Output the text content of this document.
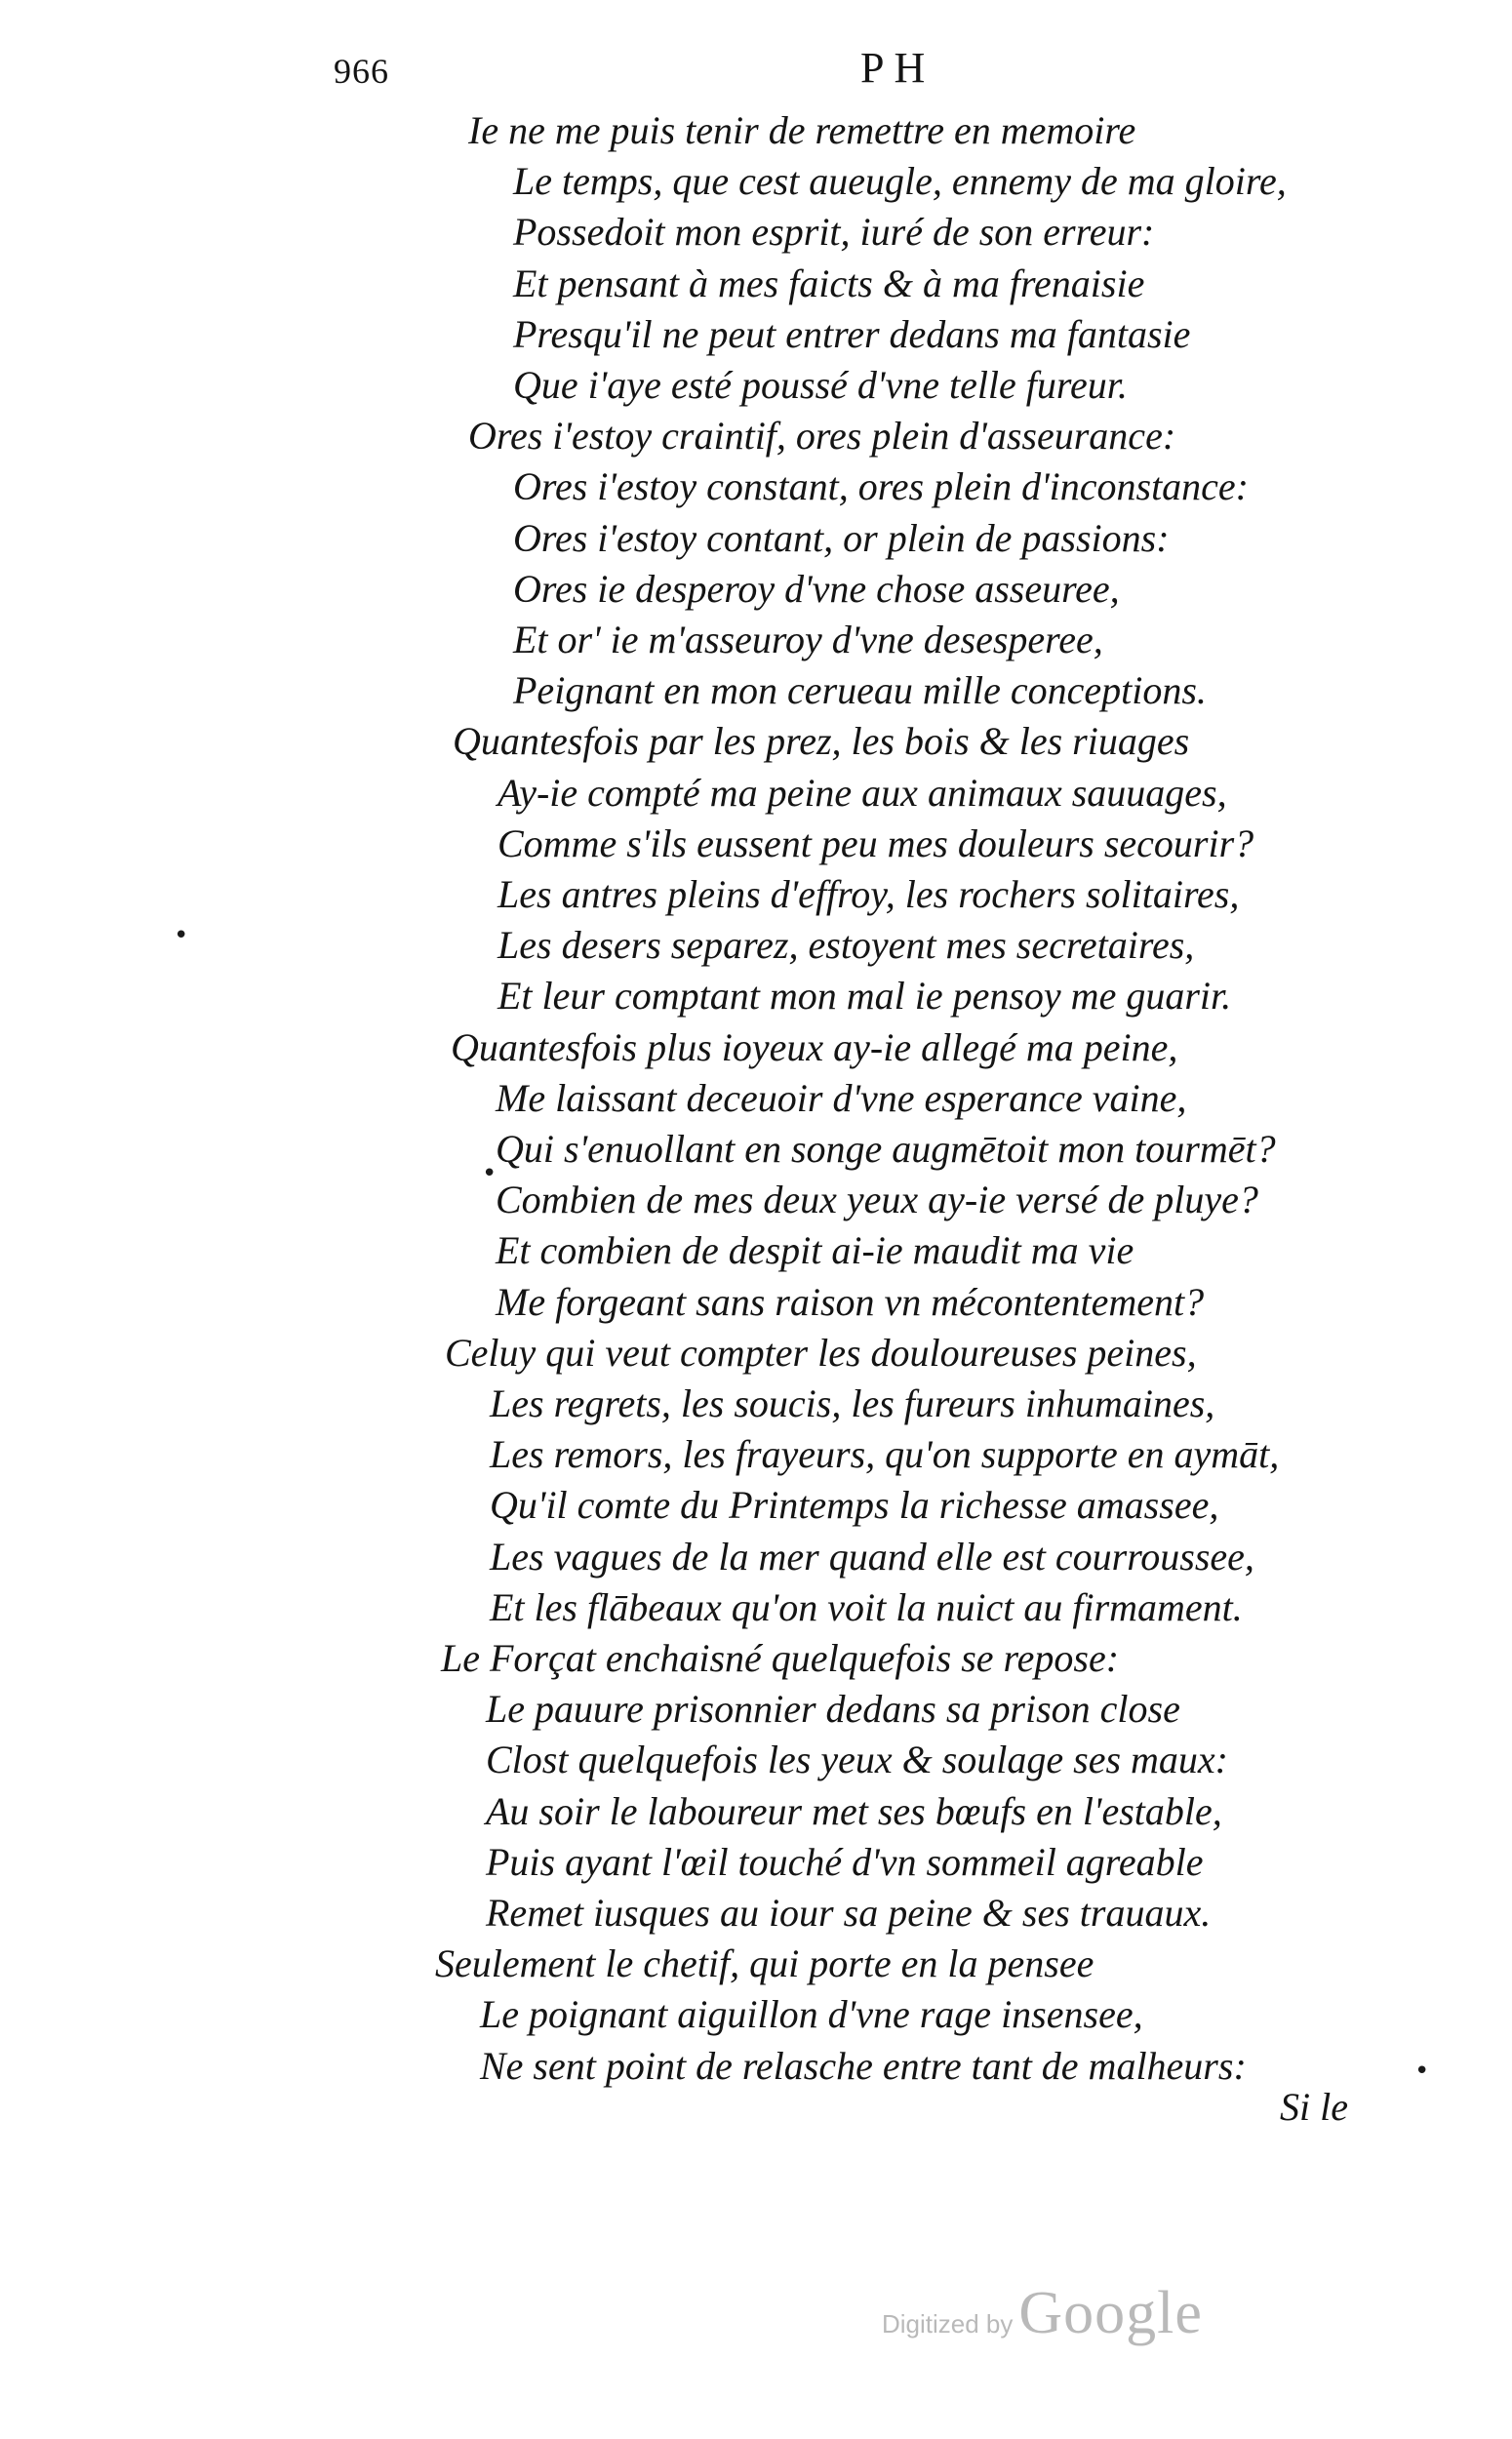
966	PH
Ie ne me puis tenir de remettre en memoire
Le temps, que cest aueugle, ennemy de ma gloire,
Possedoit mon esprit, iuré de son erreur:
Et pensant à mes faicts & à ma frenaisie
Presqu'il ne peut entrer dedans ma fantasie
Que i'aye esté poussé d'vne telle fureur.
Ores i'estoy craintif, ores plein d'asseurance:
Ores i'estoy constant, ores plein d'inconstance:
Ores i'estoy contant, or plein de passions:
Ores ie desperoy d'vne chose asseuree,
Et or' ie m'asseuroy d'vne desesperee,
Peignant en mon cerueau mille conceptions.
Quantesfois par les prez, les bois & les riuages
Ay-ie compté ma peine aux animaux sauuages,
Comme s'ils eussent peu mes douleurs secourir?
Les antres pleins d'effroy, les rochers solitaires,
Les desers separez, estoyent mes secretaires,
Et leur comptant mon mal ie pensoy me guarir.
Quantesfois plus ioyeux ay-ie allegé ma peine,
Me laissant deceuoir d'vne esperance vaine,
Qui s'enuollant en songe augmētoit mon tourmēt?
Combien de mes deux yeux ay-ie versé de pluye?
Et combien de despit ai-ie maudit ma vie
Me forgeant sans raison vn mécontentement?
Celuy qui veut compter les douloureuses peines,
Les regrets, les soucis, les fureurs inhumaines,
Les remors, les frayeurs, qu'on supporte en aymāt,
Qu'il comte du Printemps la richesse amassee,
Les vagues de la mer quand elle est courroussee,
Et les flābeaux qu'on voit la nuict au firmament.
Le Forçat enchaisné quelquefois se repose:
Le pauure prisonnier dedans sa prison close
Clost quelquefois les yeux & soulage ses maux:
Au soir le laboureur met ses bœufs en l'estable,
Puis ayant l'œil touché d'vn sommeil agreable
Remet iusques au iour sa peine & ses trauaux.
Seulement le chetif, qui porte en la pensee
Le poignant aiguillon d'vne rage insensee,
Ne sent point de relasche entre tant de malheurs:
Si le
•
•
•
Digitized by Google
